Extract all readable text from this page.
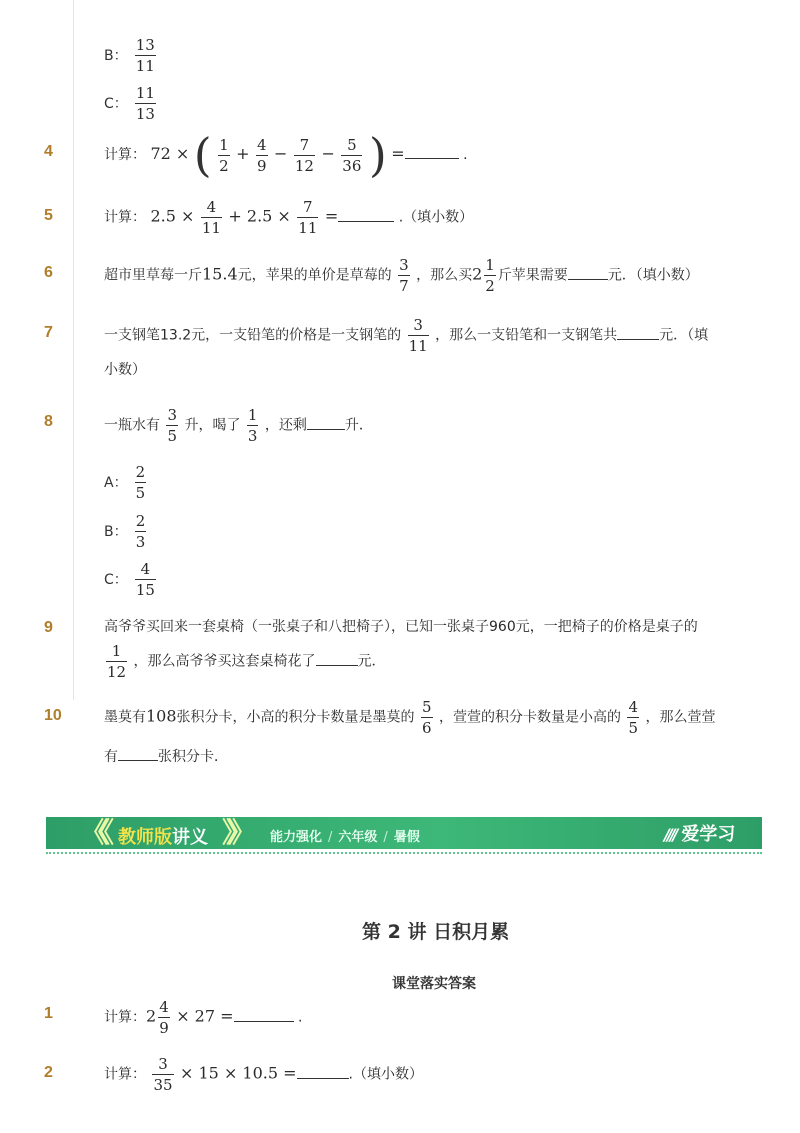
B： $\frac{13}{11}$
C： $\frac{11}{13}$
4	计算： 72 × ( $\frac{1}{2} + \frac{4}{9} - \frac{7}{12} - \frac{5}{36}$ ) =	.
5	计算： $2.5 \times \frac{4}{11} + 2.5 \times \frac{7}{11}$ =	.（填小数）
6	超市里草莓一斤15.4元，苹果的单价是草莓的 $\frac{3}{7}$ ，那么买$2 \frac{1}{2}$ 斤苹果需要	元．（填小数）
7	一支钢笔13.2元，一支铅笔的价格是一支钢笔的 $\frac{3}{11}$ ，那么一支铅笔和一支钢笔共	元．（填
小数）
8	一瓶水有 $\frac{3}{5}$ 升，喝了 $\frac{1}{3}$ ，还剩	升．
A： $\frac{2}{5}$
B： $\frac{2}{3}$
C： $\frac{4}{15}$
9	高爷爷买回来一套桌椅（一张桌子和八把椅子），已知一张桌子960元，一把椅子的价格是桌子的
$\frac{1}{12}$ ，那么高爷爷买这套桌椅花了	元．
10	墨莫有108张积分卡，小高的积分卡数量是墨莫的 $\frac{5}{6}$ ，萱萱的积分卡数量是小高的 $\frac{4}{5}$ ，那么萱萱
有	张积分卡．
《《 教师版讲义 》》 能力强化 / 六年级 / 暑假	//// 爱学习
第 2 讲 日积月累
课堂落实答案
1	计算：$2 \frac{4}{9} \times 27$ =	.
2	计算： $\frac{3}{35} \times 15 \times 10.5$ =	.（填小数）
